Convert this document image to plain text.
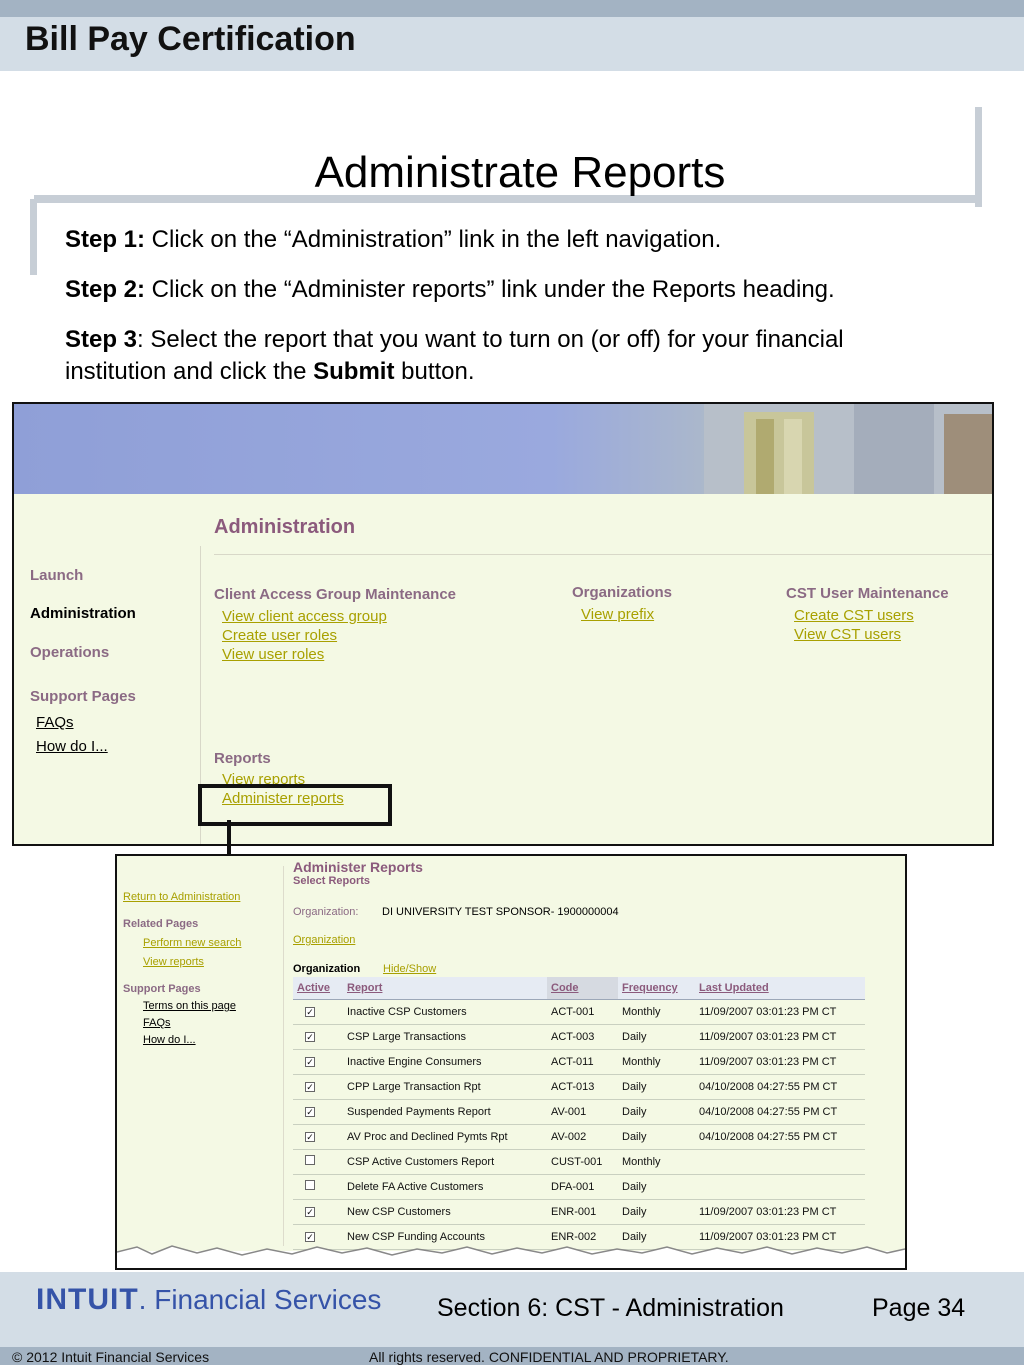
Bill Pay Certification
Administrate Reports
Step 1: Click on the “Administration” link in the left navigation.
Step 2: Click on the “Administer reports” link under the Reports heading.
Step 3: Select the report that you want to turn on (or off) for your financial institution and click the Submit button.
Administration
Launch
Administration
Operations
Support Pages
FAQs
How do I...
Client Access Group Maintenance
View client access group
Create user roles
View user roles
Organizations
View prefix
CST User Maintenance
Create CST users
View CST users
Reports
View reports
Administer reports
Return to Administration
Related Pages
Perform new search
View reports
Support Pages
Terms on this page
FAQs
How do I...
Administer Reports
Select Reports
Organization: DI UNIVERSITY TEST SPONSOR- 1900000004
Organization
Organization Hide/Show
Active	Report	Code	Frequency	Last Updated
✓	Inactive CSP Customers	ACT-001	Monthly	11/09/2007 03:01:23 PM CT
✓	CSP Large Transactions	ACT-003	Daily	11/09/2007 03:01:23 PM CT
✓	Inactive Engine Consumers	ACT-011	Monthly	11/09/2007 03:01:23 PM CT
✓	CPP Large Transaction Rpt	ACT-013	Daily	04/10/2008 04:27:55 PM CT
✓	Suspended Payments Report	AV-001	Daily	04/10/2008 04:27:55 PM CT
✓	AV Proc and Declined Pymts Rpt	AV-002	Daily	04/10/2008 04:27:55 PM CT
	CSP Active Customers Report	CUST-001	Monthly	
	Delete FA Active Customers	DFA-001	Daily	
✓	New CSP Customers	ENR-001	Daily	11/09/2007 03:01:23 PM CT
✓	New CSP Funding Accounts	ENR-002	Daily	11/09/2007 03:01:23 PM CT
INTUIT. Financial Services Section 6: CST - Administration	Page 34
© 2012 Intuit Financial Services	All rights reserved. CONFIDENTIAL AND PROPRIETARY.
